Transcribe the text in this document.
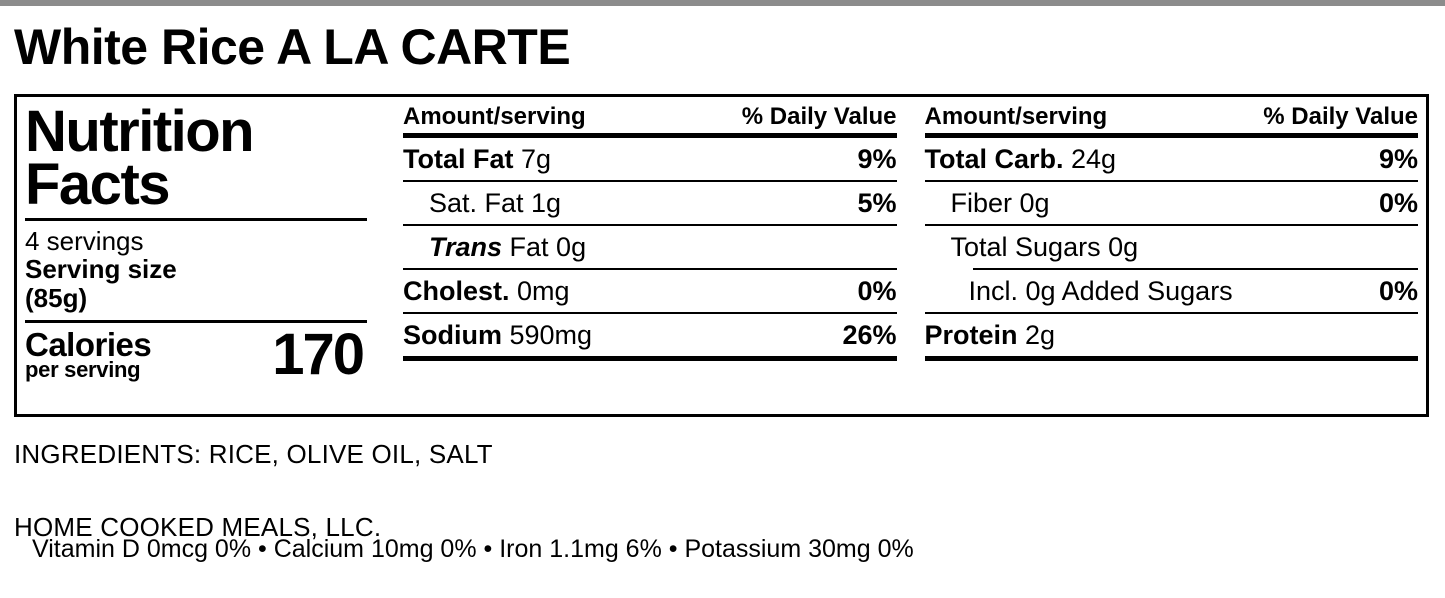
White Rice A LA CARTE
Nutrition
Facts
4 servings
Serving size
(85g)
Calories
per serving 170
Amount/serving	% Daily Value
Total Fat 7g	9%
Sat. Fat 1g	5%
Trans Fat 0g
Cholest. 0mg	0%
Sodium 590mg	26%
Amount/serving	% Daily Value
Total Carb. 24g	9%
Fiber 0g	0%
Total Sugars 0g
Incl. 0g Added Sugars	0%
Protein 2g
Vitamin D 0mcg 0% • Calcium 10mg 0% • Iron 1.1mg 6% • Potassium 30mg 0%
INGREDIENTS: RICE, OLIVE OIL, SALT
HOME COOKED MEALS, LLC.
